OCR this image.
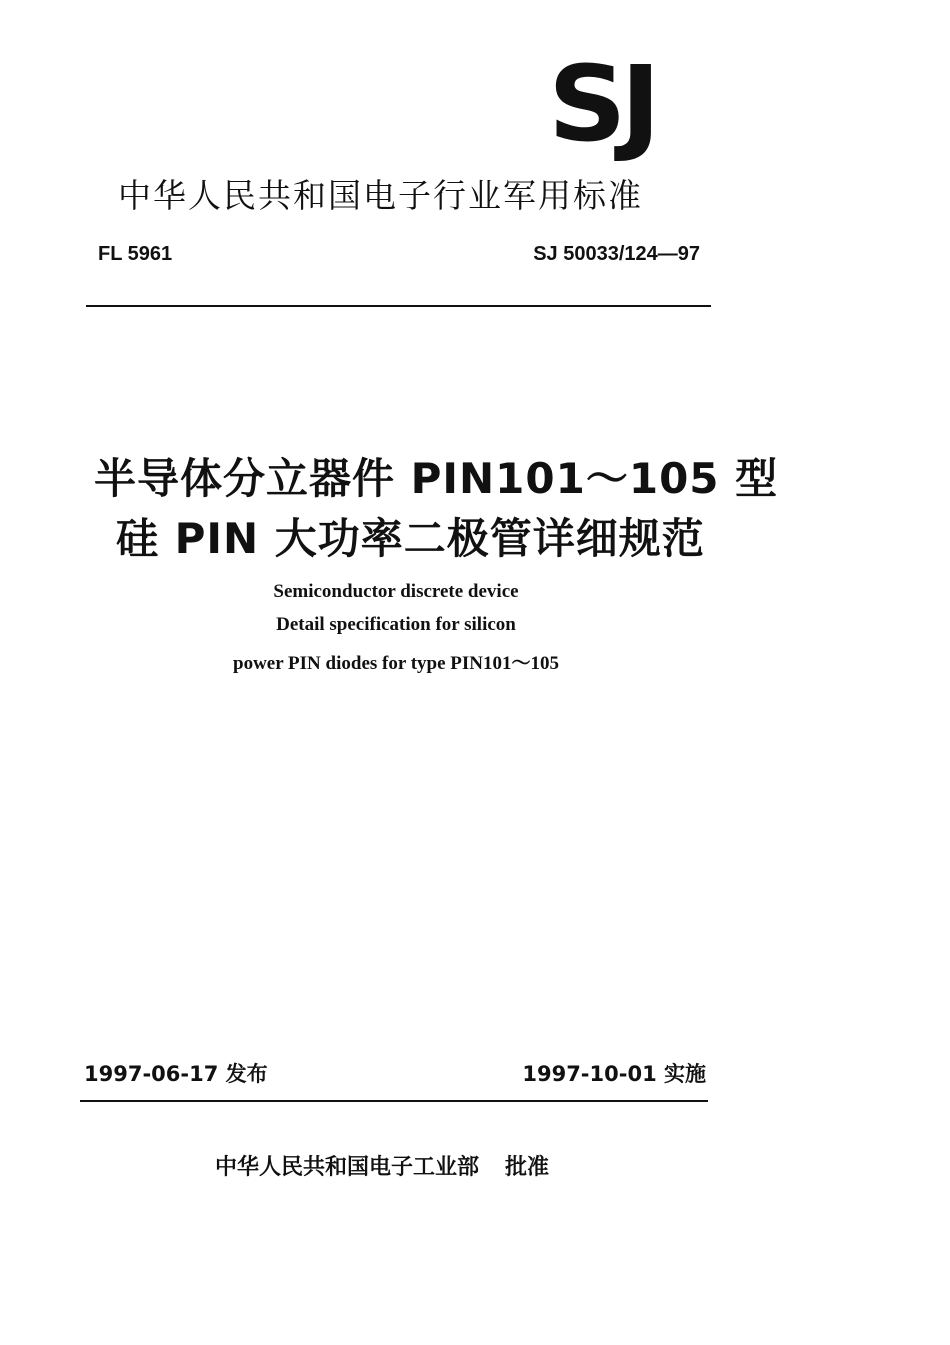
SJ
中华人民共和国电子行业军用标准
FL 5961	SJ 50033/124—97
半导体分立器件 PIN101～105 型
硅 PIN 大功率二极管详细规范
Semiconductor discrete device
Detail specification for silicon
power PIN diodes for type PIN101～105
1997-06-17 发布	1997-10-01 实施
中华人民共和国电子工业部 批准
